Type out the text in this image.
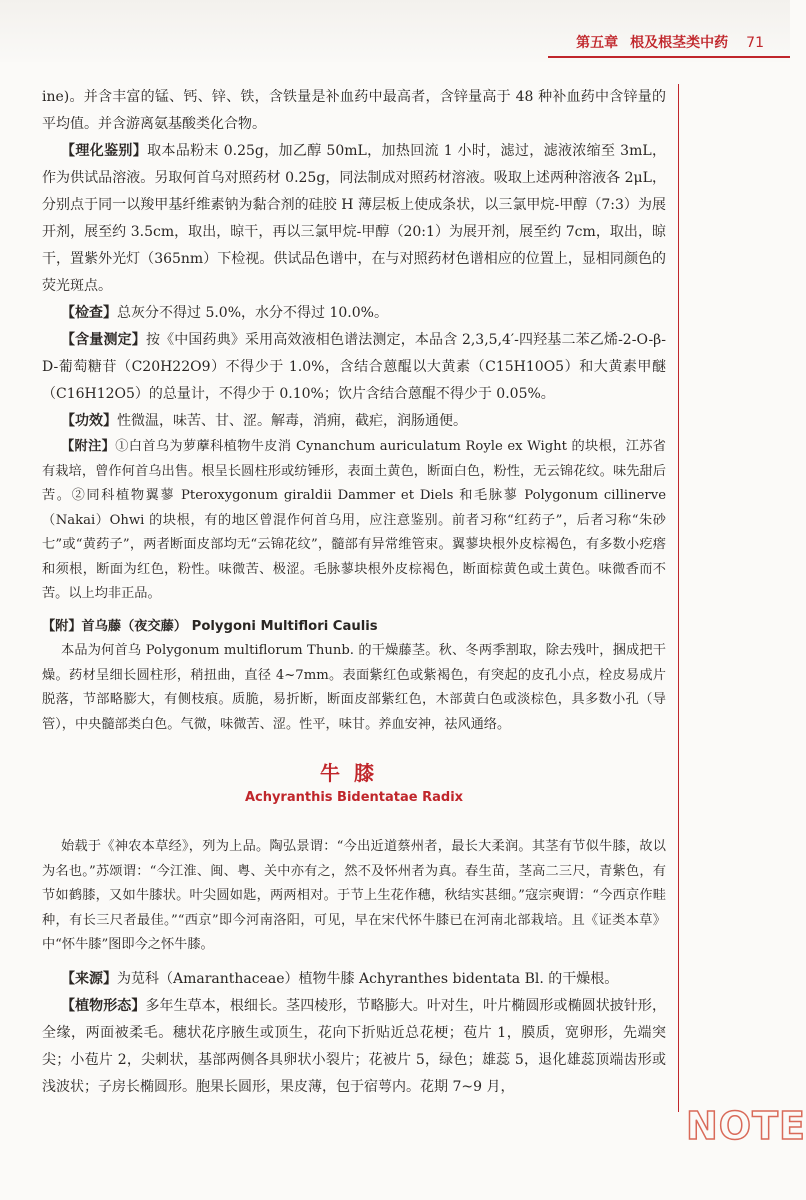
第五章 根及根茎类中药 71
NOTE

ine)。并含丰富的锰、钙、锌、铁，含铁量是补血药中最高者，含锌量高于 48 种补血药中含锌量的平均值。并含游离氨基酸类化合物。

【理化鉴别】取本品粉末 0.25g，加乙醇 50mL，加热回流 1 小时，滤过，滤液浓缩至 3mL，作为供试品溶液。另取何首乌对照药材 0.25g，同法制成对照药材溶液。吸取上述两种溶液各 2μL，分别点于同一以羧甲基纤维素钠为黏合剂的硅胶 H 薄层板上使成条状，以三氯甲烷-甲醇（7:3）为展开剂，展至约 3.5cm，取出，晾干，再以三氯甲烷-甲醇（20:1）为展开剂，展至约 7cm，取出，晾干，置紫外光灯（365nm）下检视。供试品色谱中，在与对照药材色谱相应的位置上，显相同颜色的荧光斑点。

【检查】总灰分不得过 5.0%，水分不得过 10.0%。

【含量测定】按《中国药典》采用高效液相色谱法测定，本品含 2,3,5,4′-四羟基二苯乙烯-2-O-β-D-葡萄糖苷（C20H22O9）不得少于 1.0%，含结合蒽醌以大黄素（C15H10O5）和大黄素甲醚（C16H12O5）的总量计，不得少于 0.10%；饮片含结合蒽醌不得少于 0.05%。

【功效】性微温，味苦、甘、涩。解毒，消痈，截疟，润肠通便。

【附注】①白首乌为萝藦科植物牛皮消 Cynanchum auriculatum Royle ex Wight 的块根，江苏省有栽培，曾作何首乌出售。根呈长圆柱形或纺锤形，表面土黄色，断面白色，粉性，无云锦花纹。味先甜后苦。②同科植物翼蓼 Pteroxygonum giraldii Dammer et Diels 和毛脉蓼 Polygonum cillinerve（Nakai）Ohwi 的块根，有的地区曾混作何首乌用，应注意鉴别。前者习称“红药子”，后者习称“朱砂七”或“黄药子”，两者断面皮部均无“云锦花纹”，髓部有异常维管束。翼蓼块根外皮棕褐色，有多数小疙瘩和须根，断面为红色，粉性。味微苦、极涩。毛脉蓼块根外皮棕褐色，断面棕黄色或土黄色。味微香而不苦。以上均非正品。

【附】首乌藤（夜交藤） Polygoni Multiflori Caulis

本品为何首乌 Polygonum multiflorum Thunb. 的干燥藤茎。秋、冬两季割取，除去残叶，捆成把干燥。药材呈细长圆柱形，稍扭曲，直径 4~7mm。表面紫红色或紫褐色，有突起的皮孔小点，栓皮易成片脱落，节部略膨大，有侧枝痕。质脆，易折断，断面皮部紫红色，木部黄白色或淡棕色，具多数小孔（导管），中央髓部类白色。气微，味微苦、涩。性平，味甘。养血安神，祛风通络。

牛膝
Achyranthis Bidentatae Radix

始载于《神农本草经》，列为上品。陶弘景谓：“今出近道蔡州者，最长大柔润。其茎有节似牛膝，故以为名也。”苏颂谓：“今江淮、闽、粤、关中亦有之，然不及怀州者为真。春生苗，茎高二三尺，青紫色，有节如鹤膝，又如牛膝状。叶尖圆如匙，两两相对。于节上生花作穗，秋结实甚细。”寇宗奭谓：“今西京作畦种，有长三尺者最佳。”“西京”即今河南洛阳，可见，早在宋代怀牛膝已在河南北部栽培。且《证类本草》中“怀牛膝”图即今之怀牛膝。

【来源】为苋科（Amaranthaceae）植物牛膝 Achyranthes bidentata Bl. 的干燥根。

【植物形态】多年生草本，根细长。茎四棱形，节略膨大。叶对生，叶片椭圆形或椭圆状披针形，全缘，两面被柔毛。穗状花序腋生或顶生，花向下折贴近总花梗；苞片 1，膜质，宽卵形，先端突尖；小苞片 2，尖刺状，基部两侧各具卵状小裂片；花被片 5，绿色；雄蕊 5，退化雄蕊顶端齿形或浅波状；子房长椭圆形。胞果长圆形，果皮薄，包于宿萼内。花期 7~9 月，
